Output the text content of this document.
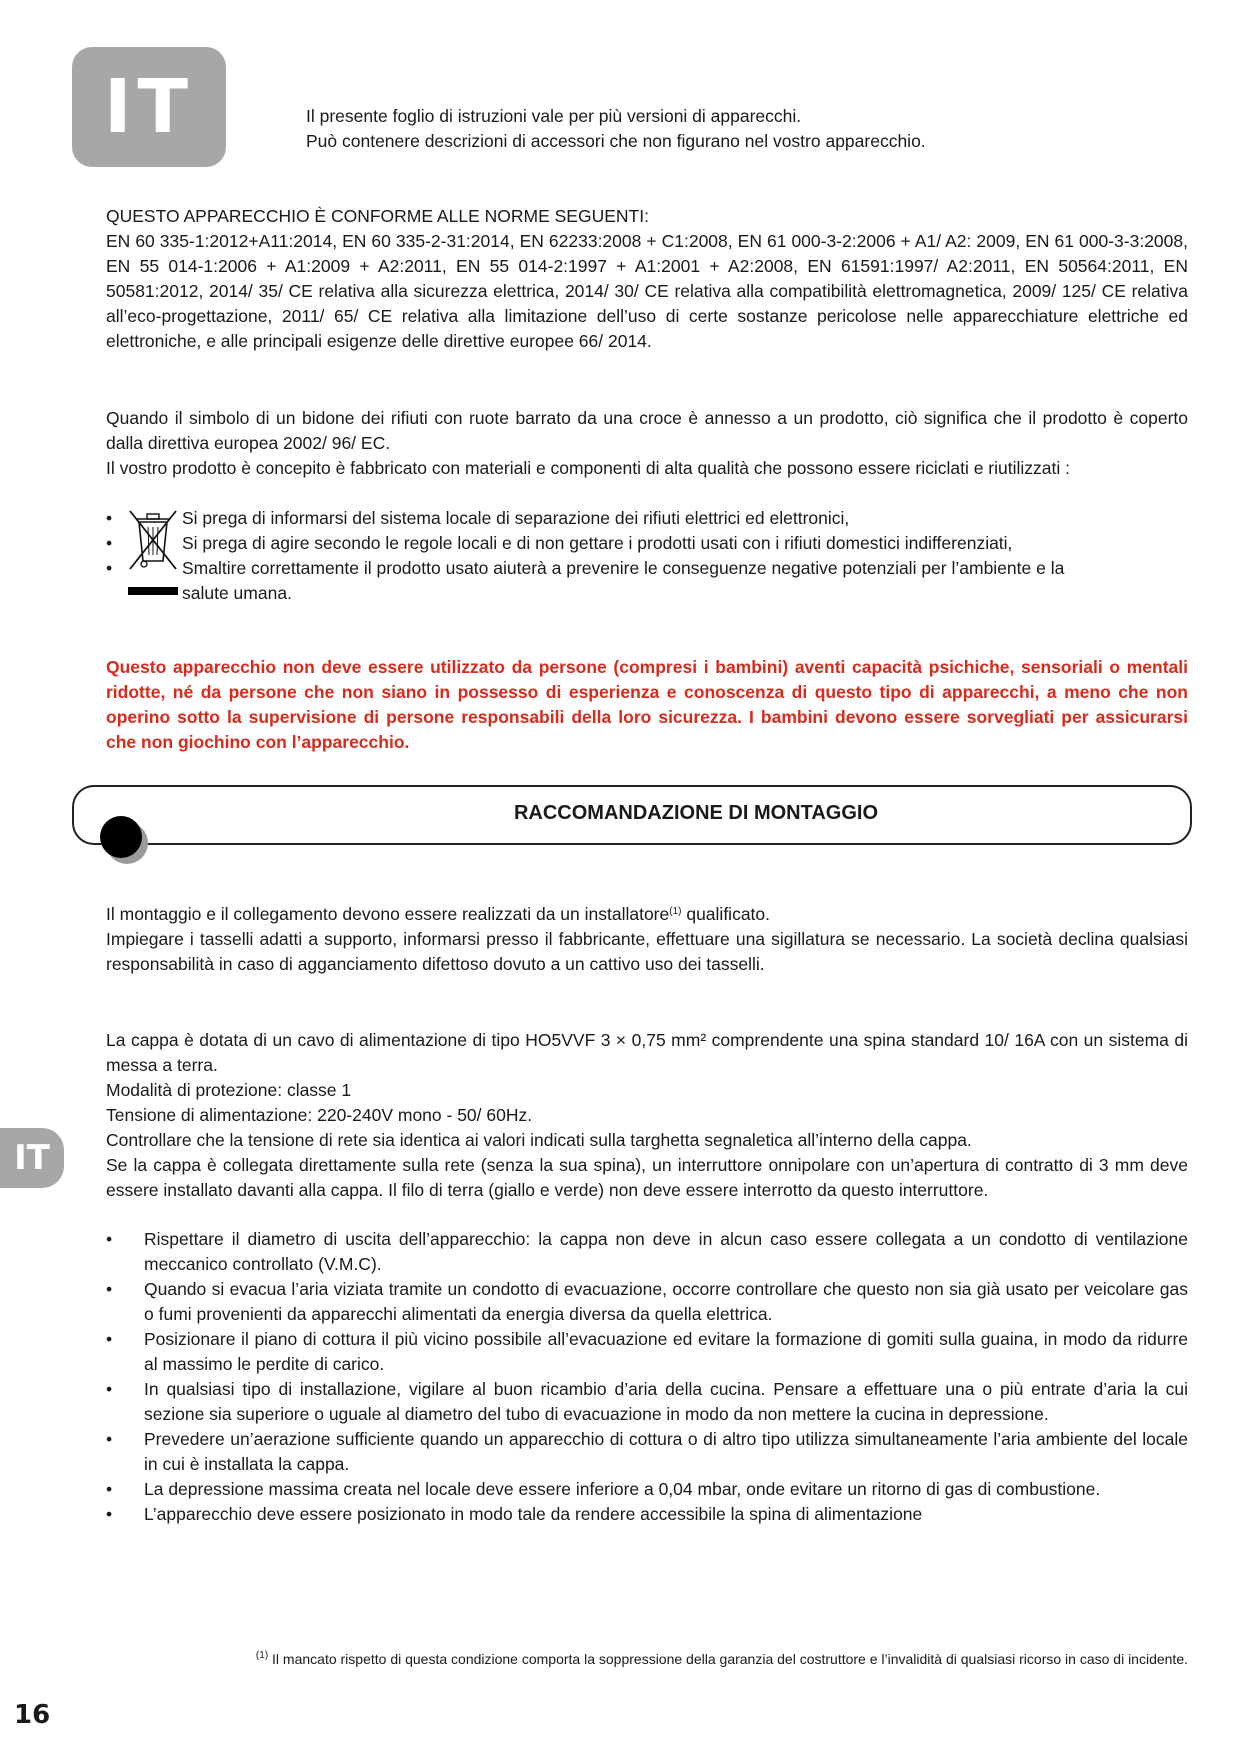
IT	Il presente foglio di istruzioni vale per più versioni di apparecchi.
Può contenere descrizioni di accessori che non figurano nel vostro apparecchio.

QUESTO APPARECCHIO È CONFORME ALLE NORME SEGUENTI:

EN 60 335-1:2012+A11:2014, EN 60 335-2-31:2014, EN 62233:2008 + C1:2008, EN 61 000-3-2:2006 + A1/ A2: 2009, EN 61 000-3-3:2008, EN 55 014-1:2006 + A1:2009 + A2:2011, EN 55 014-2:1997 + A1:2001 + A2:2008, EN 61591:1997/ A2:2011, EN 50564:2011, EN 50581:2012, 2014/ 35/ CE relativa alla sicurezza elettrica, 2014/ 30/ CE relativa alla compatibilità elettromagnetica, 2009/ 125/ CE relativa all’eco-progettazione, 2011/ 65/ CE relativa alla limitazione dell’uso di certe sostanze pericolose nelle apparecchiature elettriche ed elettroniche, e alle principali esigenze delle direttive europee 66/ 2014.

Quando il simbolo di un bidone dei rifiuti con ruote barrato da una croce è annesso a un prodotto, ciò significa che il prodotto è coperto dalla direttiva europea 2002/ 96/ EC.

Il vostro prodotto è concepito è fabbricato con materiali e componenti di alta qualità che possono essere riciclati e riutilizzati :

•	Si prega di informarsi del sistema locale di separazione dei rifiuti elettrici ed elettronici,
•	Si prega di agire secondo le regole locali e di non gettare i prodotti usati con i rifiuti domestici indifferenziati,
•	Smaltire correttamente il prodotto usato aiuterà a prevenire le conseguenze negative potenziali per l’ambiente e la
salute umana.
Questo apparecchio non deve essere utilizzato da persone (compresi i bambini) aventi capacità psichiche, sensoriali o mentali ridotte, né da persone che non siano in possesso di esperienza e conoscenza di questo tipo di apparecchi, a meno che non operino sotto la supervisione di persone responsabili della loro sicurezza. I bambini devono essere sorvegliati per assicurarsi che non giochino con l’apparecchio.
RACCOMANDAZIONE DI MONTAGGIO

Il montaggio e il collegamento devono essere realizzati da un installatore$^{(1)}$ qualificato.

Impiegare i tasselli adatti a supporto, informarsi presso il fabbricante, effettuare una sigillatura se necessario. La società declina qualsiasi responsabilità in caso di agganciamento difettoso dovuto a un cattivo uso dei tasselli.

La cappa è dotata di un cavo di alimentazione di tipo HO5VVF 3 × 0,75 mm² comprendente una spina standard 10/ 16A con un sistema di messa a terra.

Modalità di protezione: classe 1

Tensione di alimentazione: 220-240V mono - 50/ 60Hz.

Controllare che la tensione di rete sia identica ai valori indicati sulla targhetta segnaletica all’interno della cappa.

Se la cappa è collegata direttamente sulla rete (senza la sua spina), un interruttore onnipolare con un’apertura di contratto di 3 mm deve essere installato davanti alla cappa. Il filo di terra (giallo e verde) non deve essere interrotto da questo interruttore.

•	Rispettare il diametro di uscita dell’apparecchio: la cappa non deve in alcun caso essere collegata a un condotto di ventilazione meccanico controllato (V.M.C).
•	Quando si evacua l’aria viziata tramite un condotto di evacuazione, occorre controllare che questo non sia già usato per veicolare gas o fumi provenienti da apparecchi alimentati da energia diversa da quella elettrica.
•	Posizionare il piano di cottura il più vicino possibile all’evacuazione ed evitare la formazione di gomiti sulla guaina, in modo da ridurre al massimo le perdite di carico.
•	In qualsiasi tipo di installazione, vigilare al buon ricambio d’aria della cucina. Pensare a effettuare una o più entrate d’aria la cui sezione sia superiore o uguale al diametro del tubo di evacuazione in modo da non mettere la cucina in depressione.
•	Prevedere un’aerazione sufficiente quando un apparecchio di cottura o di altro tipo utilizza simultaneamente l’aria ambiente del locale in cui è installata la cappa.
•	La depressione massima creata nel locale deve essere inferiore a 0,04 mbar, onde evitare un ritorno di gas di combustione.
•	L’apparecchio deve essere posizionato in modo tale da rendere accessibile la spina di alimentazione
IT
$^{(1)}$ Il mancato rispetto di questa condizione comporta la soppressione della garanzia del costruttore e l’invalidità di qualsiasi ricorso in caso di incidente.
16
